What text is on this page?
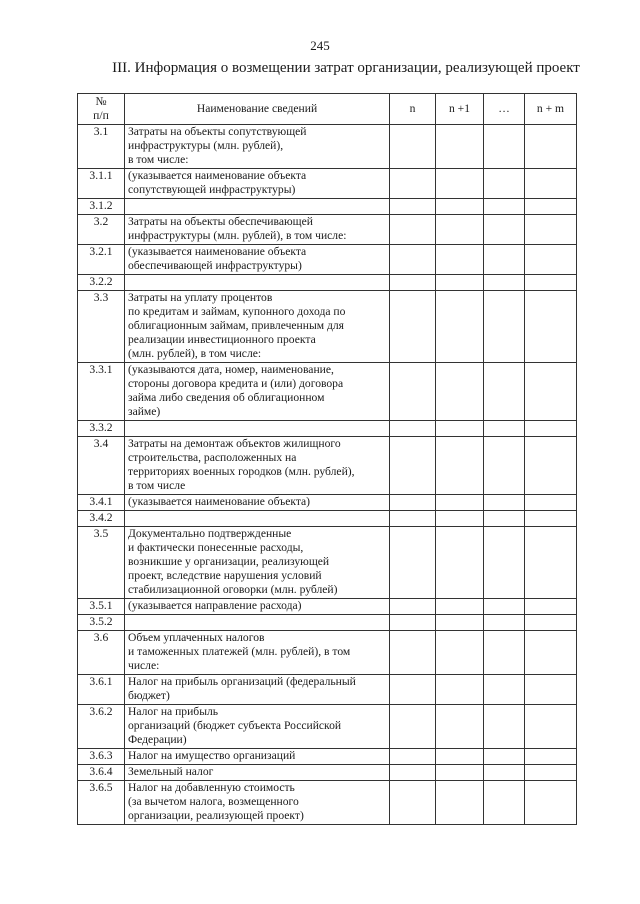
245
III. Информация о возмещении затрат организации, реализующей проект
№
п/п	Наименование сведений	n	n +1	…	n + m
3.1	Затраты на объекты сопутствующей
инфраструктуры (млн. рублей),
в том числе:				

3.1.1	(указывается наименование объекта
сопутствующей инфраструктуры)				

3.1.2					
3.2	Затраты на объекты обеспечивающей
инфраструктуры (млн. рублей), в том числе:				

3.2.1	(указывается наименование объекта
обеспечивающей инфраструктуры)				

3.2.2					
3.3	Затраты на уплату процентов
по кредитам и займам, купонного дохода по
облигационным займам, привлеченным для
реализации инвестиционного проекта
(млн. рублей), в том числе:				

3.3.1	(указываются дата, номер, наименование,
стороны договора кредита и (или) договора
займа либо сведения об облигационном
займе)				

3.3.2					
3.4	Затраты на демонтаж объектов жилищного
строительства, расположенных на
территориях военных городков (млн. рублей),
в том числе				

3.4.1	(указывается наименование объекта)				

3.4.2					
3.5	Документально подтвержденные
и фактически понесенные расходы,
возникшие у организации, реализующей
проект, вследствие нарушения условий
стабилизационной оговорки (млн. рублей)				

3.5.1	(указывается направление расхода)				

3.5.2					
3.6	Объем уплаченных налогов
и таможенных платежей (млн. рублей), в том
числе:				

3.6.1	Налог на прибыль организаций (федеральный
бюджет)				

3.6.2	Налог на прибыль
организаций (бюджет субъекта Российской
Федерации)				

3.6.3	Налог на имущество организаций				

3.6.4	Земельный налог				

3.6.5	Налог на добавленную стоимость
(за вычетом налога, возмещенного
организации, реализующей проект)				
